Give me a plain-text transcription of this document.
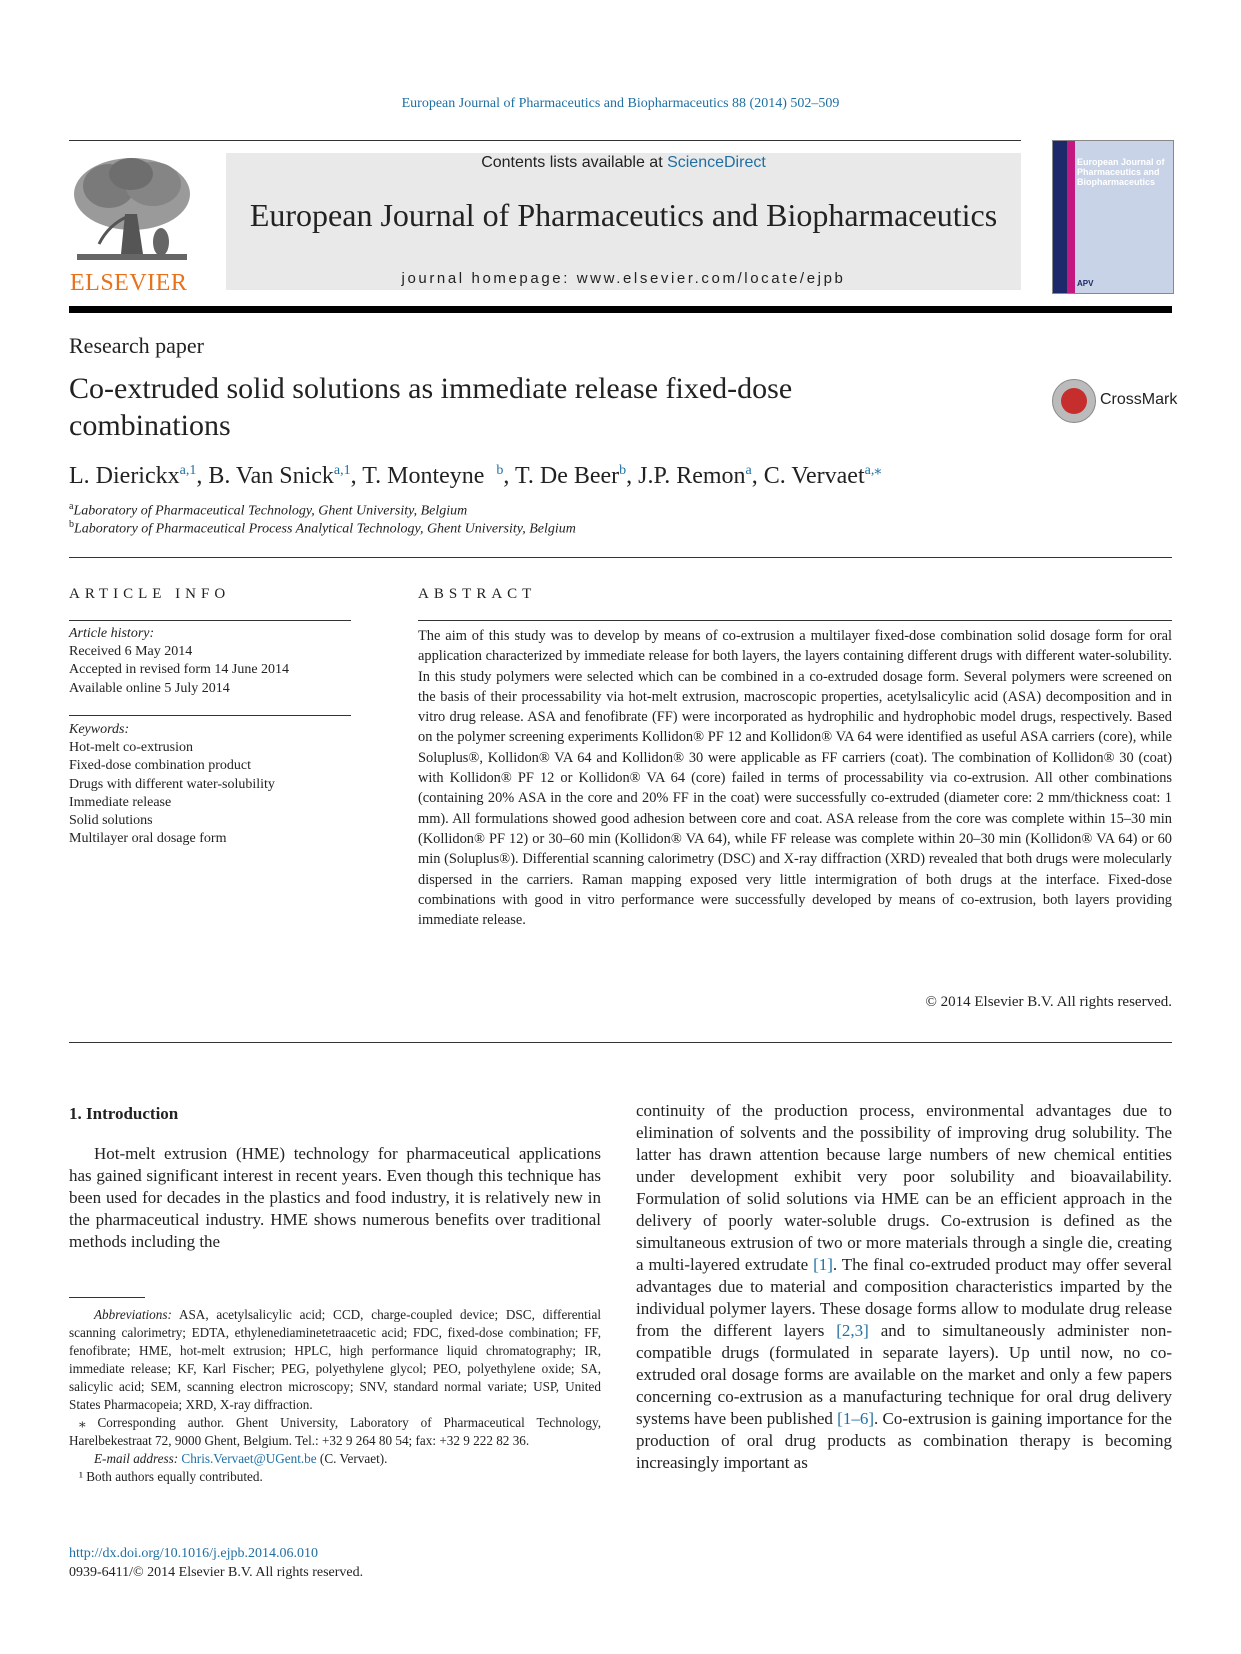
European Journal of Pharmaceutics and Biopharmaceutics 88 (2014) 502–509
ELSEVIER
Contents lists available at ScienceDirect
European Journal of Pharmaceutics and Biopharmaceutics
journal homepage: www.elsevier.com/locate/ejpb
European Journal of Pharmaceutics and Biopharmaceutics
APV
Research paper
Co-extruded solid solutions as immediate release fixed-dose combinations
CrossMark
L. Dierickx$^{a,1}$, B. Van Snick$^{a,1}$, T. Monteyne $^b$, T. De Beer$^b$, J.P. Remon$^a$, C. Vervaet$^{a,⁎}$
$^a$Laboratory of Pharmaceutical Technology, Ghent University, Belgium
$^b$Laboratory of Pharmaceutical Process Analytical Technology, Ghent University, Belgium
ARTICLE INFO
Article history:
Received 6 May 2014
Accepted in revised form 14 June 2014
Available online 5 July 2014
Keywords:
Hot-melt co-extrusion
Fixed-dose combination product
Drugs with different water-solubility
Immediate release
Solid solutions
Multilayer oral dosage form
ABSTRACT

The aim of this study was to develop by means of co-extrusion a multilayer fixed-dose combination solid dosage form for oral application characterized by immediate release for both layers, the layers containing different drugs with different water-solubility. In this study polymers were selected which can be combined in a co-extruded dosage form. Several polymers were screened on the basis of their processability via hot-melt extrusion, macroscopic properties, acetylsalicylic acid (ASA) decomposition and in vitro drug release. ASA and fenofibrate (FF) were incorporated as hydrophilic and hydrophobic model drugs, respectively. Based on the polymer screening experiments Kollidon® PF 12 and Kollidon® VA 64 were identified as useful ASA carriers (core), while Soluplus®, Kollidon® VA 64 and Kollidon® 30 were applicable as FF carriers (coat). The combination of Kollidon® 30 (coat) with Kollidon® PF 12 or Kollidon® VA 64 (core) failed in terms of processability via co-extrusion. All other combinations (containing 20% ASA in the core and 20% FF in the coat) were successfully co-extruded (diameter core: 2 mm/thickness coat: 1 mm). All formulations showed good adhesion between core and coat. ASA release from the core was complete within 15–30 min (Kollidon® PF 12) or 30–60 min (Kollidon® VA 64), while FF release was complete within 20–30 min (Kollidon® VA 64) or 60 min (Soluplus®). Differential scanning calorimetry (DSC) and X-ray diffraction (XRD) revealed that both drugs were molecularly dispersed in the carriers. Raman mapping exposed very little intermigration of both drugs at the interface. Fixed-dose combinations with good in vitro performance were successfully developed by means of co-extrusion, both layers providing immediate release.

© 2014 Elsevier B.V. All rights reserved.
1. Introduction

Hot-melt extrusion (HME) technology for pharmaceutical applications has gained significant interest in recent years. Even though this technique has been used for decades in the plastics and food industry, it is relatively new in the pharmaceutical industry. HME shows numerous benefits over traditional methods including the

Abbreviations: ASA, acetylsalicylic acid; CCD, charge-coupled device; DSC, differential scanning calorimetry; EDTA, ethylenediaminetetraacetic acid; FDC, fixed-dose combination; FF, fenofibrate; HME, hot-melt extrusion; HPLC, high performance liquid chromatography; IR, immediate release; KF, Karl Fischer; PEG, polyethylene glycol; PEO, polyethylene oxide; SA, salicylic acid; SEM, scanning electron microscopy; SNV, standard normal variate; USP, United States Pharmacopeia; XRD, X-ray diffraction.

⁎ Corresponding author. Ghent University, Laboratory of Pharmaceutical Technology, Harelbekestraat 72, 9000 Ghent, Belgium. Tel.: +32 9 264 80 54; fax: +32 9 222 82 36.

E-mail address: Chris.Vervaet@UGent.be (C. Vervaet).

¹ Both authors equally contributed.

continuity of the production process, environmental advantages due to elimination of solvents and the possibility of improving drug solubility. The latter has drawn attention because large numbers of new chemical entities under development exhibit very poor solubility and bioavailability. Formulation of solid solutions via HME can be an efficient approach in the delivery of poorly water-soluble drugs. Co-extrusion is defined as the simultaneous extrusion of two or more materials through a single die, creating a multi-layered extrudate [1]. The final co-extruded product may offer several advantages due to material and composition characteristics imparted by the individual polymer layers. These dosage forms allow to modulate drug release from the different layers [2,3] and to simultaneously administer non-compatible drugs (formulated in separate layers). Up until now, no co-extruded oral dosage forms are available on the market and only a few papers concerning co-extrusion as a manufacturing technique for oral drug delivery systems have been published [1–6]. Co-extrusion is gaining importance for the production of oral drug products as combination therapy is becoming increasingly important as

http://dx.doi.org/10.1016/j.ejpb.2014.06.010
0939-6411/© 2014 Elsevier B.V. All rights reserved.
